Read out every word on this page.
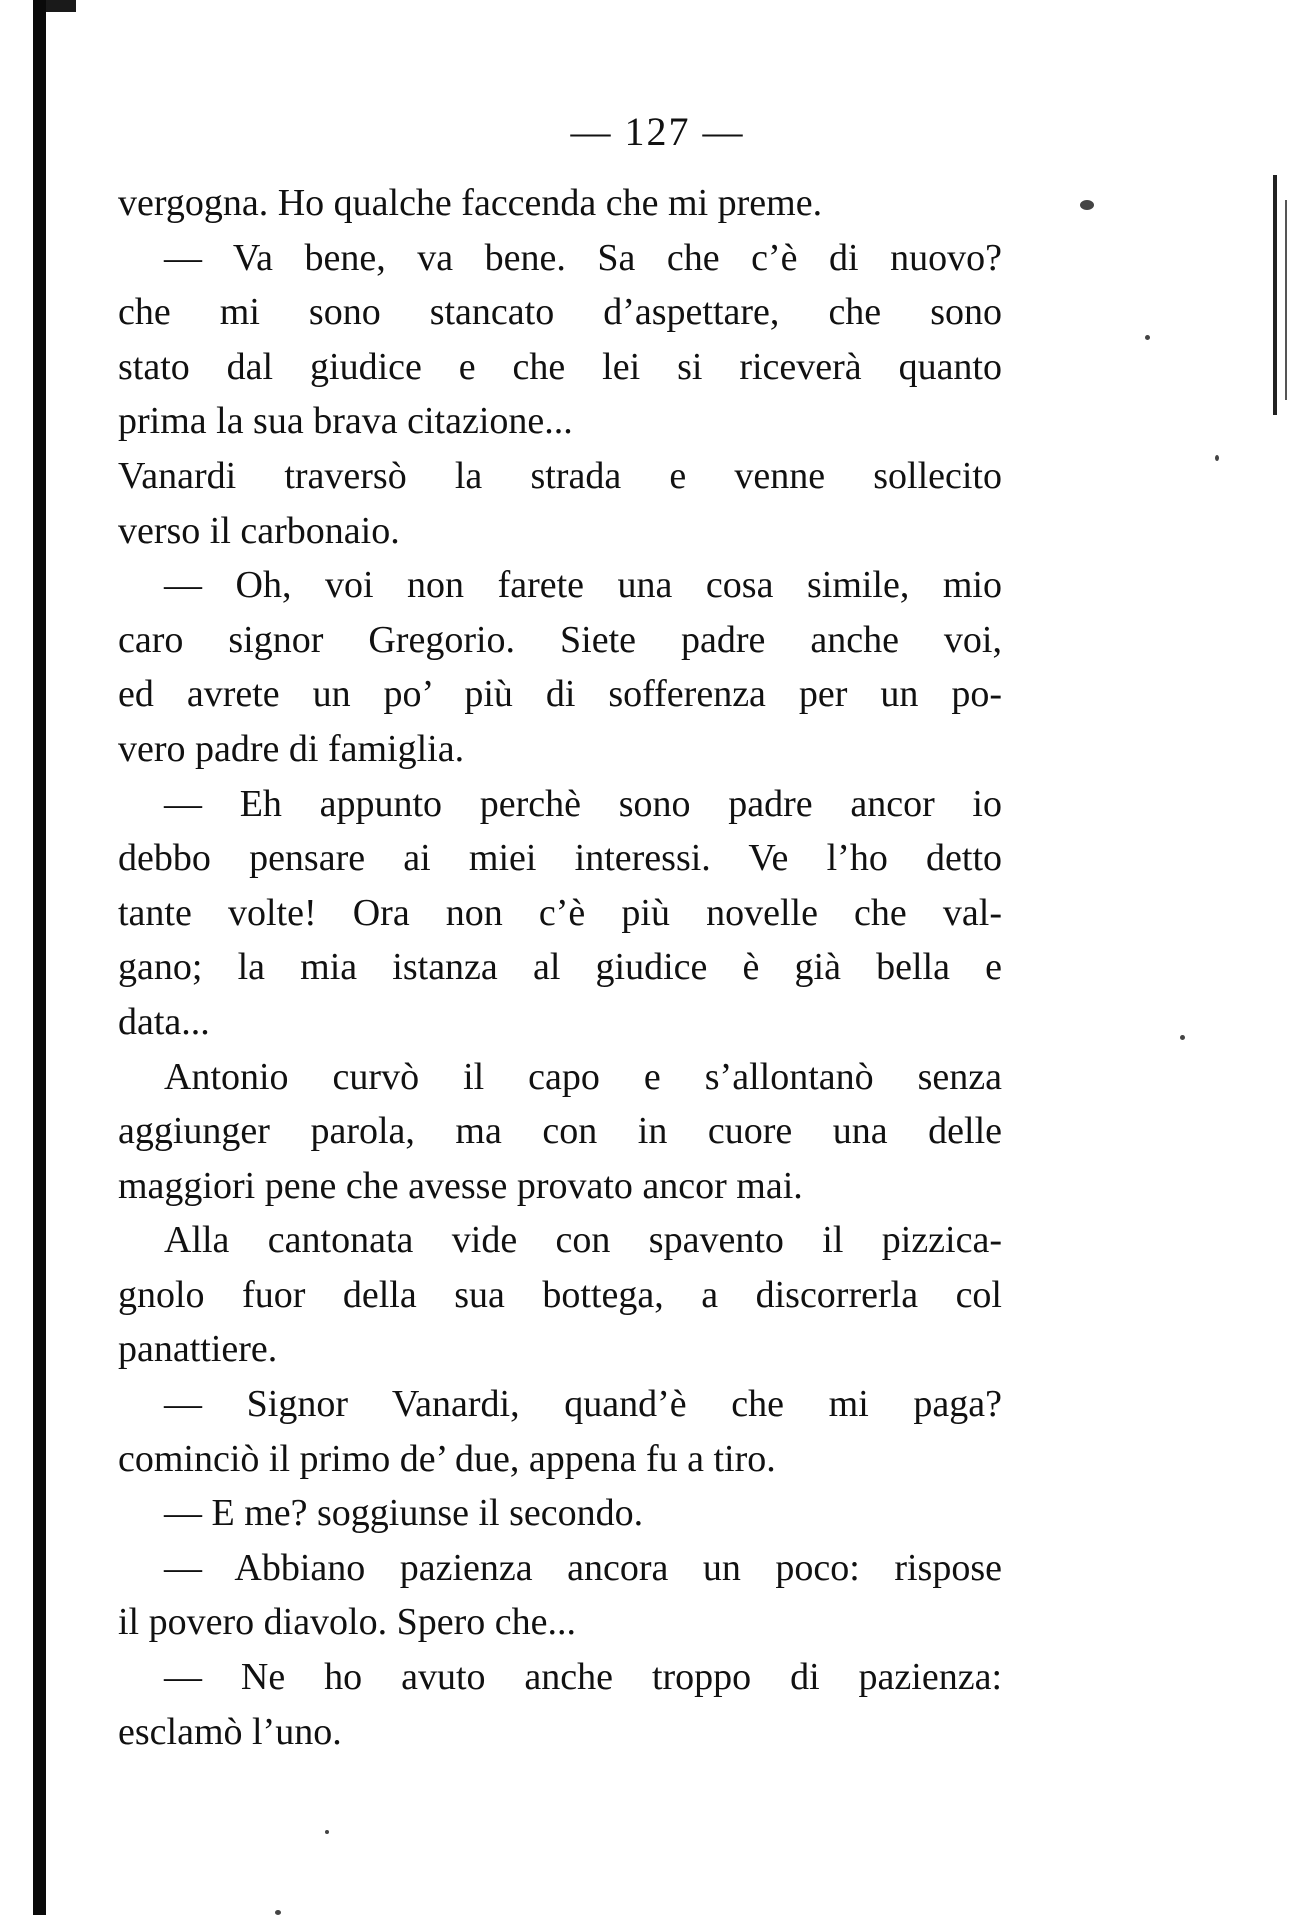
— 127 —
vergogna. Ho qualche faccenda che mi preme.
— Va bene, va bene. Sa che c’è di nuovo?
che mi sono stancato d’aspettare, che sono
stato dal giudice e che lei si riceverà quanto
prima la sua brava citazione...
Vanardi traversò la strada e venne sollecito
verso il carbonaio.
— Oh, voi non farete una cosa simile, mio
caro signor Gregorio. Siete padre anche voi,
ed avrete un po’ più di sofferenza per un po-
vero padre di famiglia.
— Eh appunto perchè sono padre ancor io
debbo pensare ai miei interessi. Ve l’ho detto
tante volte! Ora non c’è più novelle che val-
gano; la mia istanza al giudice è già bella e
data...
Antonio curvò il capo e s’allontanò senza
aggiunger parola, ma con in cuore una delle
maggiori pene che avesse provato ancor mai.
Alla cantonata vide con spavento il pizzica-
gnolo fuor della sua bottega, a discorrerla col
panattiere.
— Signor Vanardi, quand’è che mi paga?
cominciò il primo de’ due, appena fu a tiro.
— E me? soggiunse il secondo.
— Abbiano pazienza ancora un poco: rispose
il povero diavolo. Spero che...
— Ne ho avuto anche troppo di pazienza:
esclamò l’uno.
